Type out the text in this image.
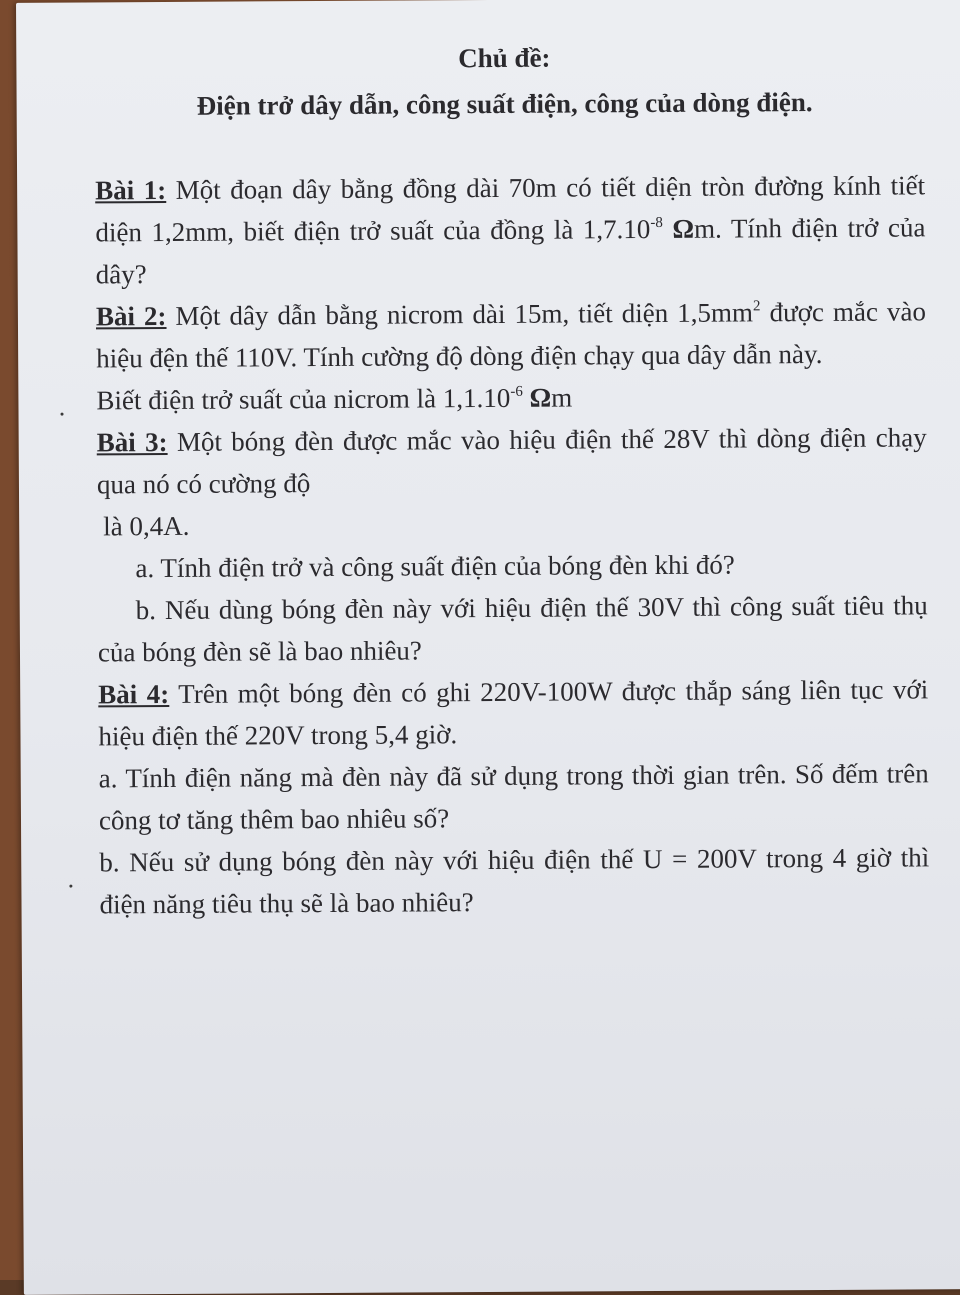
Chủ đề:
Điện trở dây dẫn, công suất điện, công của dòng điện.

Bài 1: Một đoạn dây bằng đồng dài 70m có tiết diện tròn đường kính tiết diện 1,2mm, biết điện trở suất của đồng là $1,7.10^{-8}$ Ωm. Tính điện trở của dây?

Bài 2: Một dây dẫn bằng nicrom dài 15m, tiết diện $1,5mm^2$ được mắc vào hiệu đện thế 110V. Tính cường độ dòng điện chạy qua dây dẫn này.

Biết điện trở suất của nicrom là $1,1.10^{-6}$ Ωm

Bài 3: Một bóng đèn được mắc vào hiệu điện thế 28V thì dòng điện chạy qua nó có cường độ

là 0,4A.

a. Tính điện trở và công suất điện của bóng đèn khi đó?

b. Nếu dùng bóng đèn này với hiệu điện thế 30V thì công suất tiêu thụ của bóng đèn sẽ là bao nhiêu?

Bài 4: Trên một bóng đèn có ghi 220V-100W được thắp sáng liên tục với hiệu điện thế 220V trong 5,4 giờ.

a. Tính điện năng mà đèn này đã sử dụng trong thời gian trên. Số đếm trên công tơ tăng thêm bao nhiêu số?

b. Nếu sử dụng bóng đèn này với hiệu điện thế U = 200V trong 4 giờ thì điện năng tiêu thụ sẽ là bao nhiêu?
